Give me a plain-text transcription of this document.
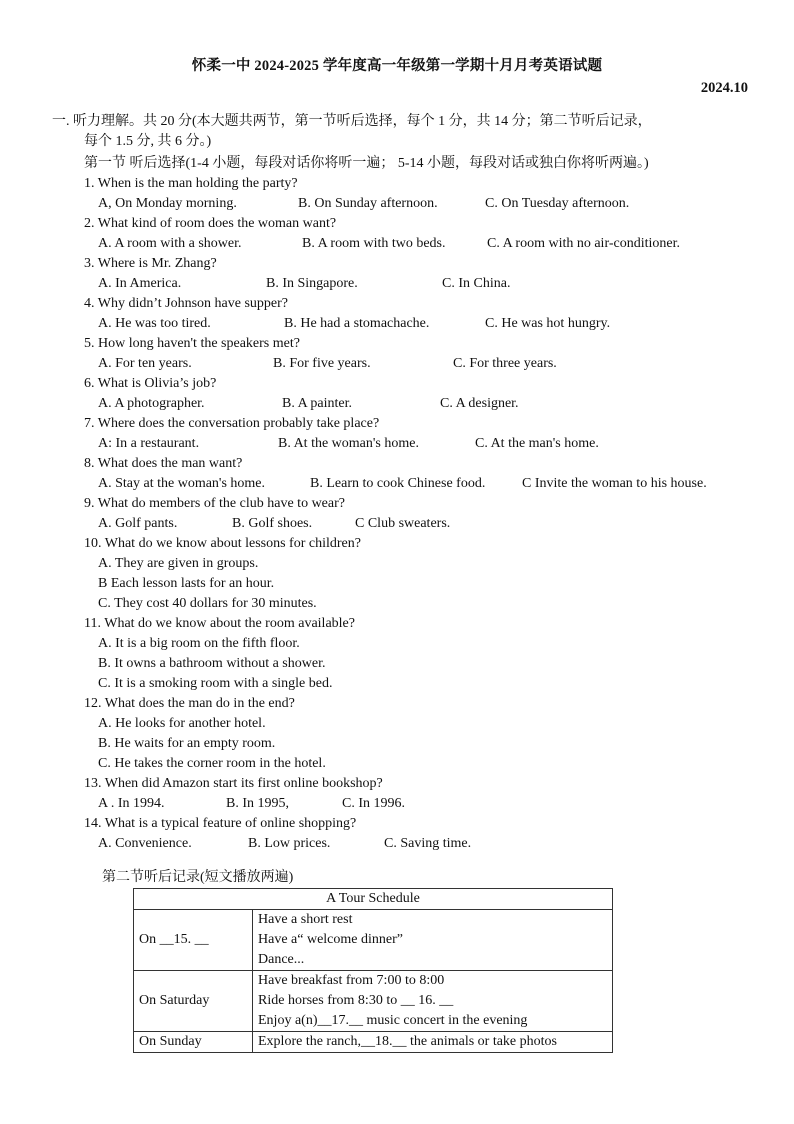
怀柔一中 2024-2025 学年度高一年级第一学期十月月考英语试题
2024.10
一. 听力理解。共 20 分(本大题共两节，第一节听后选择，每个 1 分，共 14 分；第二节听后记录，
每个 1.5 分, 共 6 分。)
第一节 听后选择(1-4 小题，每段对话你将听一遍； 5-14 小题，每段对话或独白你将听两遍。)
1. When is the man holding the party?
A, On Monday morning.	B. On Sunday afternoon.	C. On Tuesday afternoon.
2. What kind of room does the woman want?
A. A room with a shower.	B. A room with two beds.	C. A room with no air-conditioner.
3. Where is Mr. Zhang?
A. In America.	B. In Singapore.	C. In China.
4. Why didn’t Johnson have supper?
A. He was too tired.	B. He had a stomachache.	C. He was hot hungry.
5. How long haven't the speakers met?
A. For ten years.	B. For five years.	C. For three years.
6. What is Olivia’s job?
A. A photographer.	B. A painter.	C. A designer.
7. Where does the conversation probably take place?
A: In a restaurant.	B. At the woman's home.	C. At the man's home.
8. What does the man want?
A. Stay at the woman's home.	B. Learn to cook Chinese food.	C Invite the woman to his house.
9. What do members of the club have to wear?
A. Golf pants.	B. Golf shoes.	C Club sweaters.
10. What do we know about lessons for children?
A. They are given in groups.
B Each lesson lasts for an hour.
C. They cost 40 dollars for 30 minutes.
11. What do we know about the room available?
A. It is a big room on the fifth floor.
B. It owns a bathroom without a shower.
C. It is a smoking room with a single bed.
12. What does the man do in the end?
A. He looks for another hotel.
B. He waits for an empty room.
C. He takes the corner room in the hotel.
13. When did Amazon start its first online bookshop?
A . In 1994.	B. In 1995,	C. In 1996.
14. What is a typical feature of online shopping?
A. Convenience.	B. Low prices.	C. Saving time.
第二节听后记录(短文播放两遍)
A Tour Schedule	
On __15. __	Have a short rest
Have a“ welcome dinner”
Dance...

On Saturday	Have breakfast from 7:00 to 8:00
Ride horses from 8:30 to __ 16. __
Enjoy a(n)__17.__ music concert in the evening

On Sunday	Explore the ranch,__18.__ the animals or take photos
